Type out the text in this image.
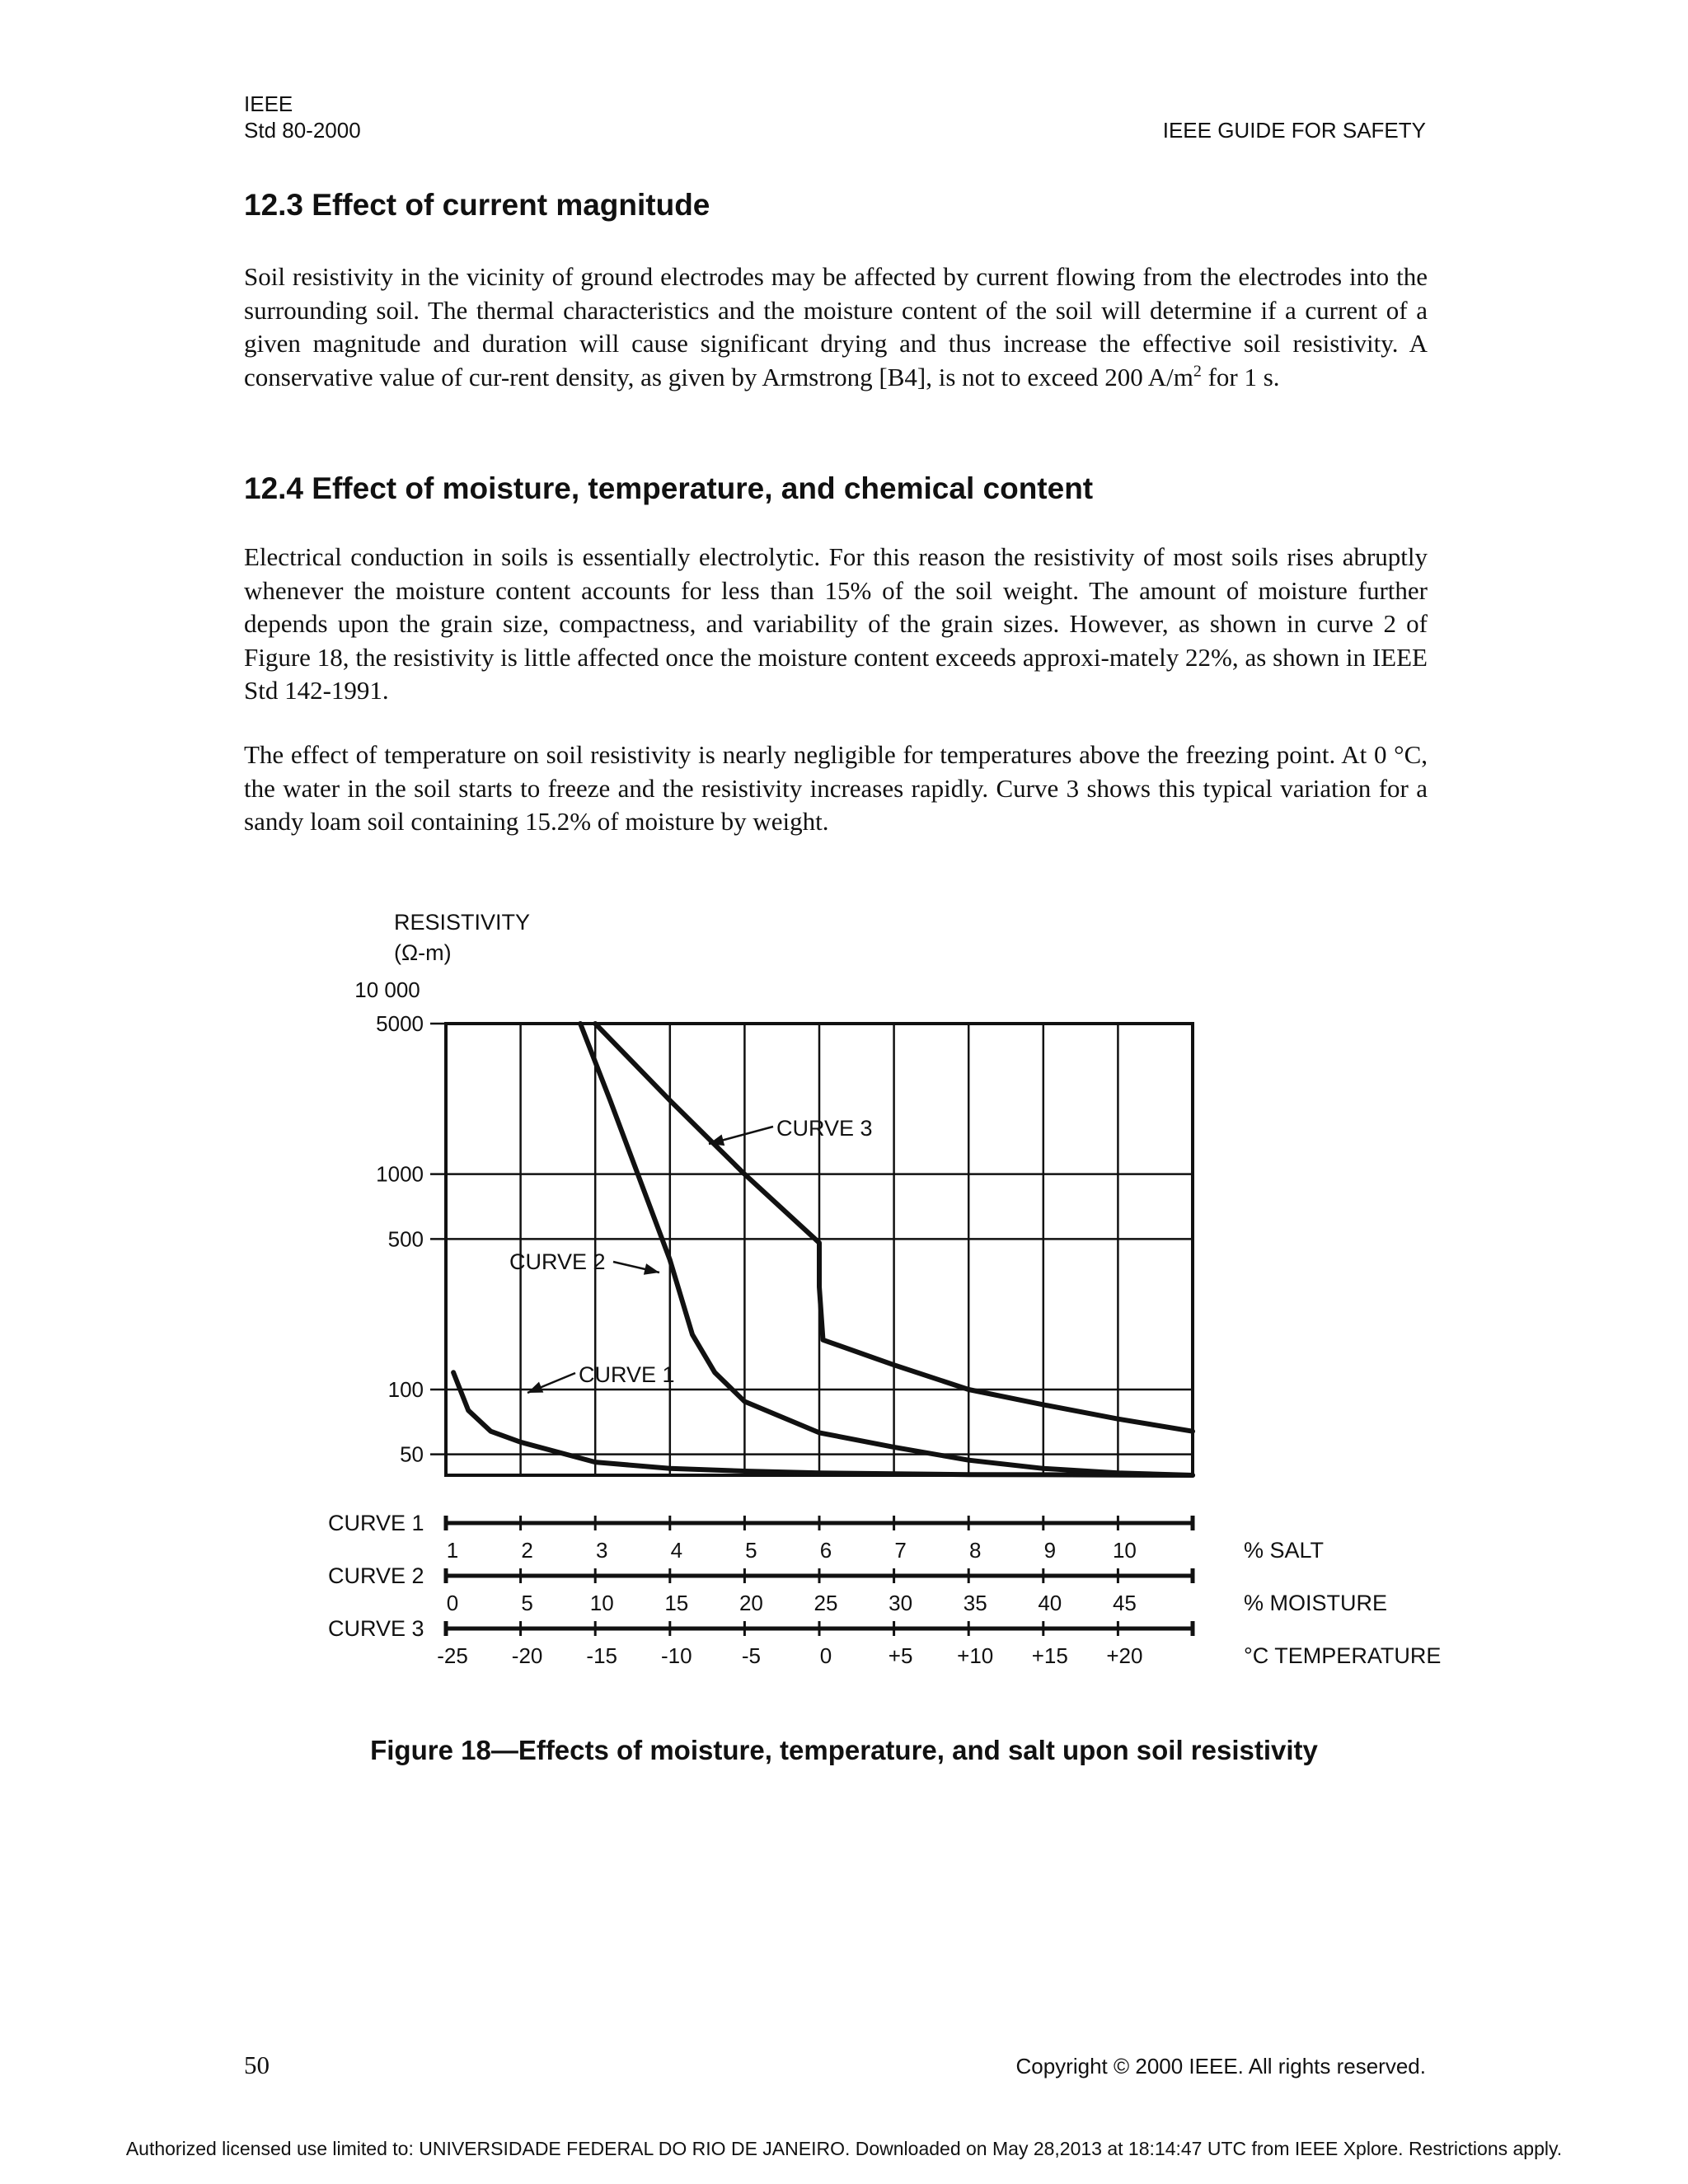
IEEE
Std 80-2000	IEEE GUIDE FOR SAFETY
12.3 Effect of current magnitude

Soil resistivity in the vicinity of ground electrodes may be affected by current flowing from the electrodes into the surrounding soil. The thermal characteristics and the moisture content of the soil will determine if a current of a given magnitude and duration will cause significant drying and thus increase the effective soil resistivity. A conservative value of cur-rent density, as given by Armstrong [B4], is not to exceed 200 $A/m^2$ for 1 s.

12.4 Effect of moisture, temperature, and chemical content

Electrical conduction in soils is essentially electrolytic. For this reason the resistivity of most soils rises abruptly whenever the moisture content accounts for less than 15% of the soil weight. The amount of moisture further depends upon the grain size, compactness, and variability of the grain sizes. However, as shown in curve 2 of Figure 18, the resistivity is little affected once the moisture content exceeds approxi-mately 22%, as shown in IEEE Std 142-1991.

The effect of temperature on soil resistivity is nearly negligible for temperatures above the freezing point. At 0 °C, the water in the soil starts to freeze and the resistivity increases rapidly. Curve 3 shows this typical variation for a sandy loam soil containing 15.2% of moisture by weight.

10 000
5000
1000
500
100
50
RESISTIVITY
(Ω-m)
CURVE 3
CURVE 2
CURVE 1
CURVE 1
1	2	3	4	5	6	7	8	9	10	% SALT
CURVE 2
0	5	10 15 20 25 30 35 40 45	% MOISTURE
CURVE 3
-25 -20 -15 -10 -5	0	+5 +10 +15 +20	°C TEMPERATURE
Figure 18—Effects of moisture, temperature, and salt upon soil resistivity
50	Copyright © 2000 IEEE. All rights reserved.
Authorized licensed use limited to: UNIVERSIDADE FEDERAL DO RIO DE JANEIRO. Downloaded on May 28,2013 at 18:14:47 UTC from IEEE Xplore. Restrictions apply.
